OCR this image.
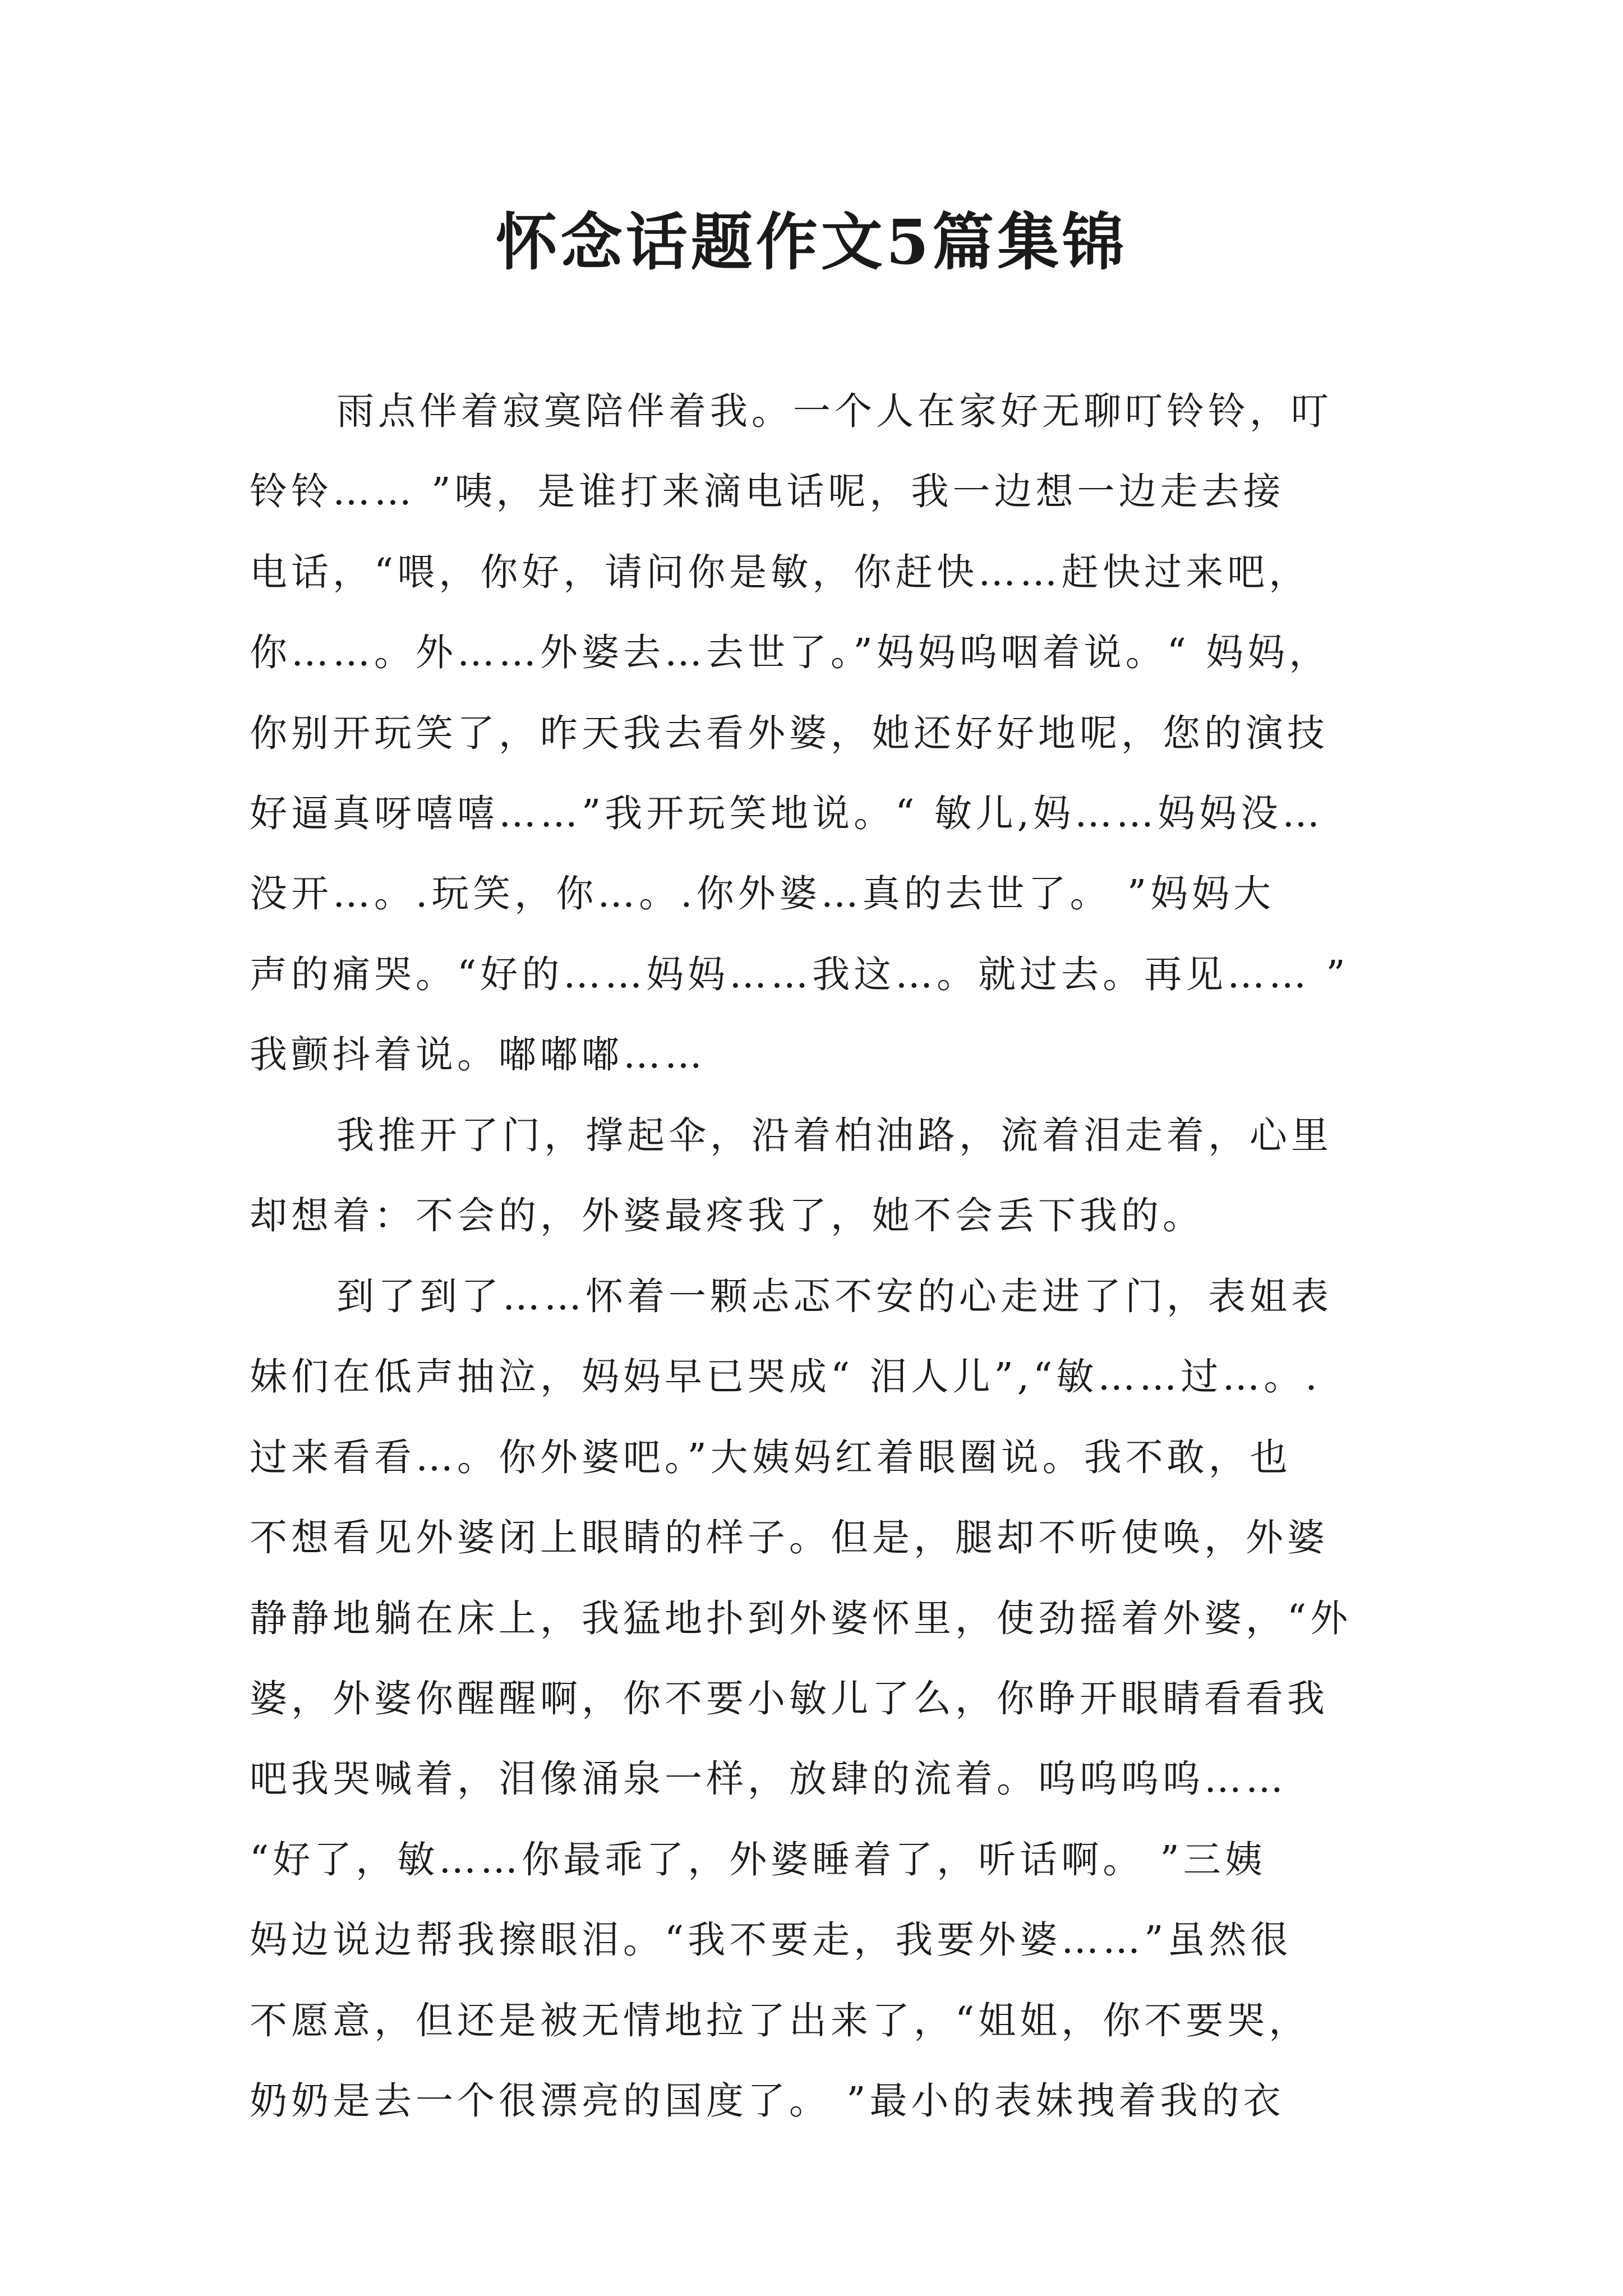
怀念话题作文5篇集锦
雨点伴着寂寞陪伴着我。一个人在家好无聊叮铃铃，叮
铃铃…… ”咦，是谁打来滴电话呢，我一边想一边走去接
电话，“喂，你好，请问你是敏，你赶快……赶快过来吧，
你……。外……外婆去…去世了。”妈妈呜咽着说。“ 妈妈，
你别开玩笑了，昨天我去看外婆，她还好好地呢，您的演技
好逼真呀嘻嘻……”我开玩笑地说。“ 敏儿,妈……妈妈没…
没开…。.玩笑，你…。.你外婆…真的去世了。 ”妈妈大
声的痛哭。“好的……妈妈……我这…。就过去。再见…… ”
我颤抖着说。嘟嘟嘟……
我推开了门，撑起伞，沿着柏油路，流着泪走着，心里
却想着：不会的，外婆最疼我了，她不会丢下我的。
到了到了……怀着一颗忐忑不安的心走进了门，表姐表
妹们在低声抽泣，妈妈早已哭成“ 泪人儿”,“敏……过…。.
过来看看…。你外婆吧。”大姨妈红着眼圈说。我不敢，也
不想看见外婆闭上眼睛的样子。但是，腿却不听使唤，外婆
静静地躺在床上，我猛地扑到外婆怀里，使劲摇着外婆，“外
婆，外婆你醒醒啊，你不要小敏儿了么，你睁开眼睛看看我
吧我哭喊着，泪像涌泉一样，放肆的流着。呜呜呜呜……
“好了，敏……你最乖了，外婆睡着了，听话啊。 ”三姨
妈边说边帮我擦眼泪。“我不要走，我要外婆……”虽然很
不愿意，但还是被无情地拉了出来了，“姐姐，你不要哭，
奶奶是去一个很漂亮的国度了。 ”最小的表妹拽着我的衣
